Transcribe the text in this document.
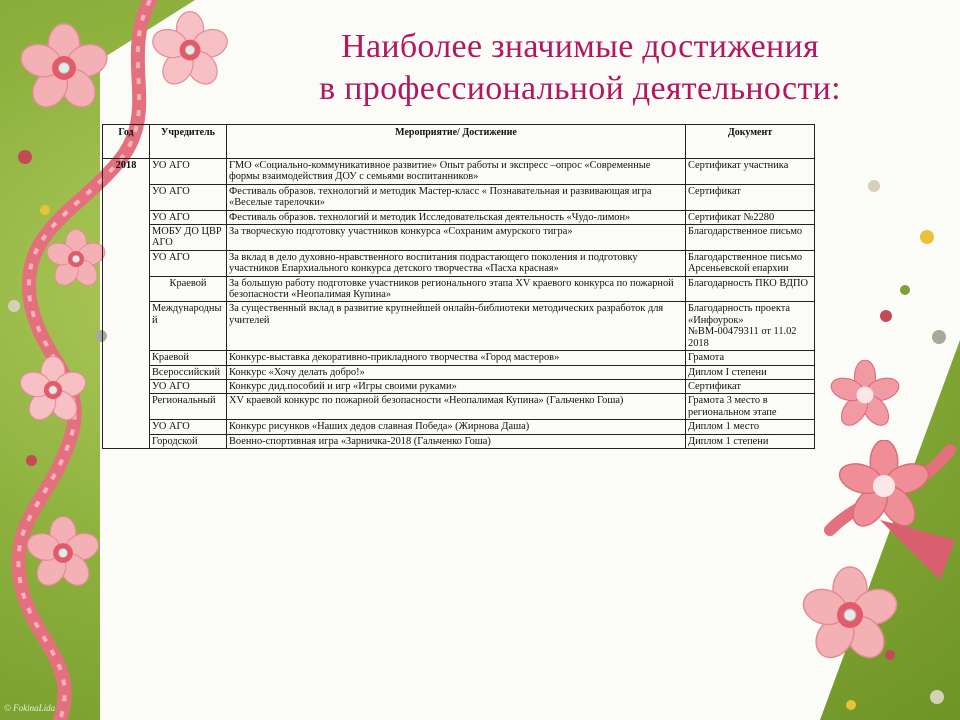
Наиболее значимые достижения
в профессиональной деятельности:
Год	Учредитель	Мероприятие/ Достижение	Документ
2018	УО АГО	ГМО «Социально-коммуникативное развитие» Опыт работы и экспресс –опрос «Современные формы взаимодействия ДОУ с семьями воспитанников»	Сертификат участника
	УО АГО	Фестиваль образов. технологий и методик Мастер-класс « Познавательная и развивающая игра «Веселые тарелочки»	Сертификат
	УО АГО	Фестиваль образов. технологий и методик Исследовательская деятельность «Чудо-лимон»	Сертификат №2280
	МОБУ ДО ЦВР АГО	За творческую подготовку участников конкурса «Сохраним амурского тигра»	Благодарственное письмо
	УО АГО	За вклад в дело духовно-нравственного воспитания подрастающего поколения и подготовку участников Епархиального конкурса детского творчества «Пасха красная»	Благодарственное письмо Арсеньевской епархии
	Краевой	За большую работу подготовке участников регионального этапа XV краевого конкурса по пожарной безопасности «Неопалимая Купина»	Благодарность ПКО ВДПО
	Международный	За существенный вклад в развитие крупнейшей онлайн-библиотеки методических разработок для учителей	Благодарность проекта «Инфоурок» №ВМ-00479311 от 11.02 2018
	Краевой	Конкурс-выставка декоративно-прикладного творчества «Город мастеров»	Грамота
	Всероссийский	Конкурс «Хочу делать добро!»	Диплом I степени
	УО АГО	Конкурс дид.пособий и игр «Игры своими руками»	Сертификат
	Региональный	XV краевой конкурс по пожарной безопасности «Неопалимая Купина» (Гальченко Гоша)	Грамота 3 место в региональном этапе
	УО АГО	Конкурс рисунков «Наших дедов славная Победа» (Жирнова Даша)	Диплом 1 место
	Городской	Военно-спортивная игра «Зарничка-2018 (Гальченко Гоша)	Диплом 1 степени
© FokinaLida
